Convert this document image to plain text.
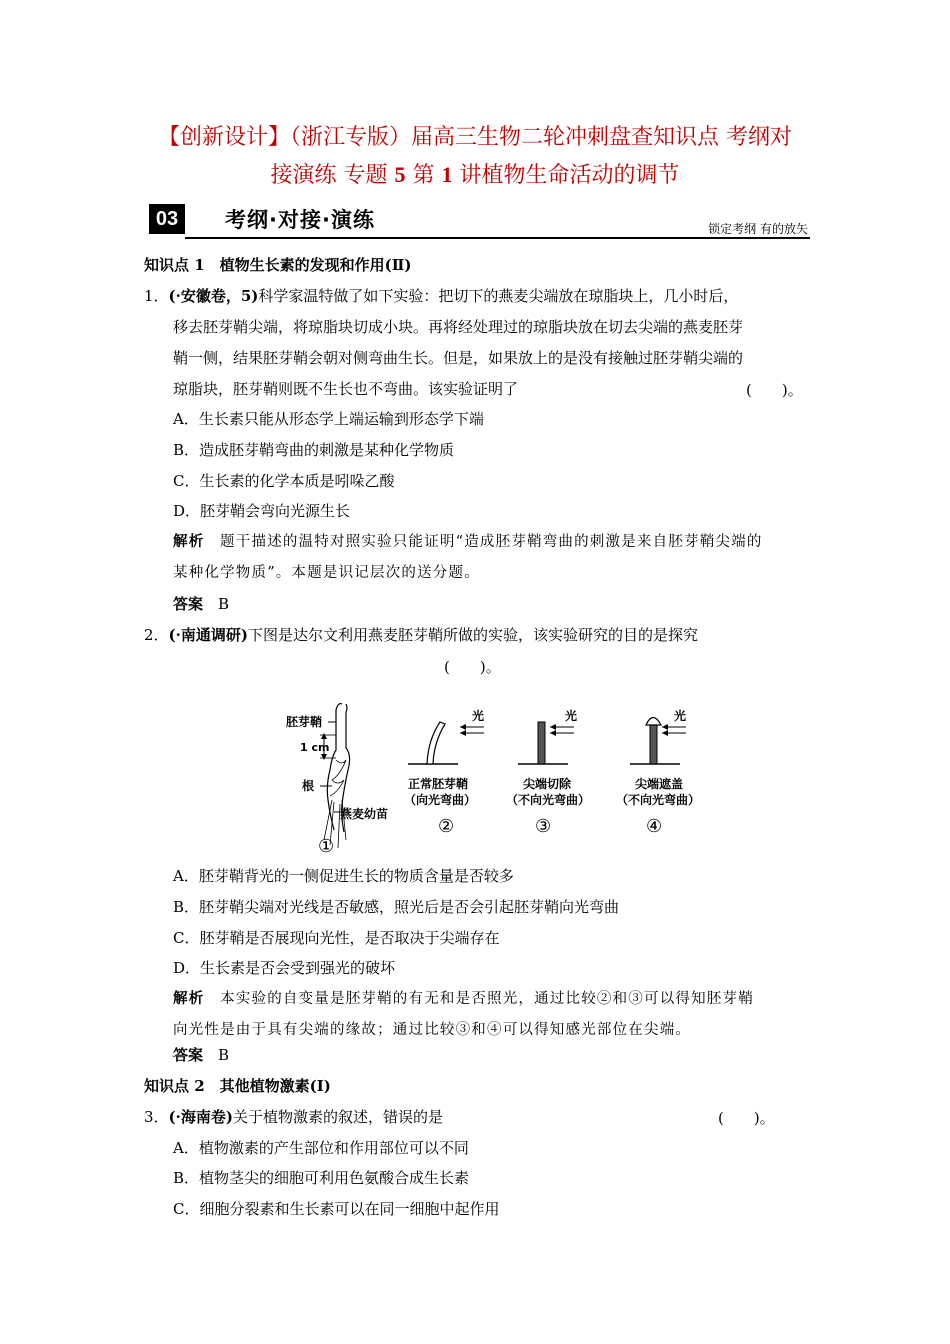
【创新设计】（浙江专版）届高三生物二轮冲刺盘查知识点 考纲对
接演练 专题 5 第 1 讲植物生命活动的调节
03	考纲·对接·演练	锁定考纲 有的放矢
知识点 1　植物生长素的发现和作用(Ⅱ)
1．(·安徽卷，5)科学家温特做了如下实验：把切下的燕麦尖端放在琼脂块上，几小时后，
移去胚芽鞘尖端，将琼脂块切成小块。再将经处理过的琼脂块放在切去尖端的燕麦胚芽
鞘一侧，结果胚芽鞘会朝对侧弯曲生长。但是，如果放上的是没有接触过胚芽鞘尖端的
琼脂块，胚芽鞘则既不生长也不弯曲。该实验证明了	(　　)。
A．生长素只能从形态学上端运输到形态学下端
B．造成胚芽鞘弯曲的刺激是某种化学物质
C．生长素的化学本质是吲哚乙酸
D．胚芽鞘会弯向光源生长
解析　 题干描述的温特对照实验只能证明“造成胚芽鞘弯曲的刺激是来自胚芽鞘尖端的
某种化学物质”。本题是识记层次的送分题。
答案　 B
2．(·南通调研)下图是达尔文利用燕麦胚芽鞘所做的实验，该实验研究的目的是探究
(　　)。
胚芽鞘
1 cm
根
燕麦幼苗
①
光
正常胚芽鞘
（向光弯曲）
②
光
尖端切除
（不向光弯曲）
③
光
尖端遮盖
（不向光弯曲）
④
A．胚芽鞘背光的一侧促进生长的物质含量是否较多
B．胚芽鞘尖端对光线是否敏感，照光后是否会引起胚芽鞘向光弯曲
C．胚芽鞘是否展现向光性，是否取决于尖端存在
D．生长素是否会受到强光的破坏
解析　 本实验的自变量是胚芽鞘的有无和是否照光，通过比较②和③可以得知胚芽鞘
向光性是由于具有尖端的缘故；通过比较③和④可以得知感光部位在尖端。
答案　 B
知识点 2　其他植物激素(Ⅰ)
3．(·海南卷)关于植物激素的叙述，错误的是	(　　)。
A．植物激素的产生部位和作用部位可以不同
B．植物茎尖的细胞可利用色氨酸合成生长素
C．细胞分裂素和生长素可以在同一细胞中起作用
